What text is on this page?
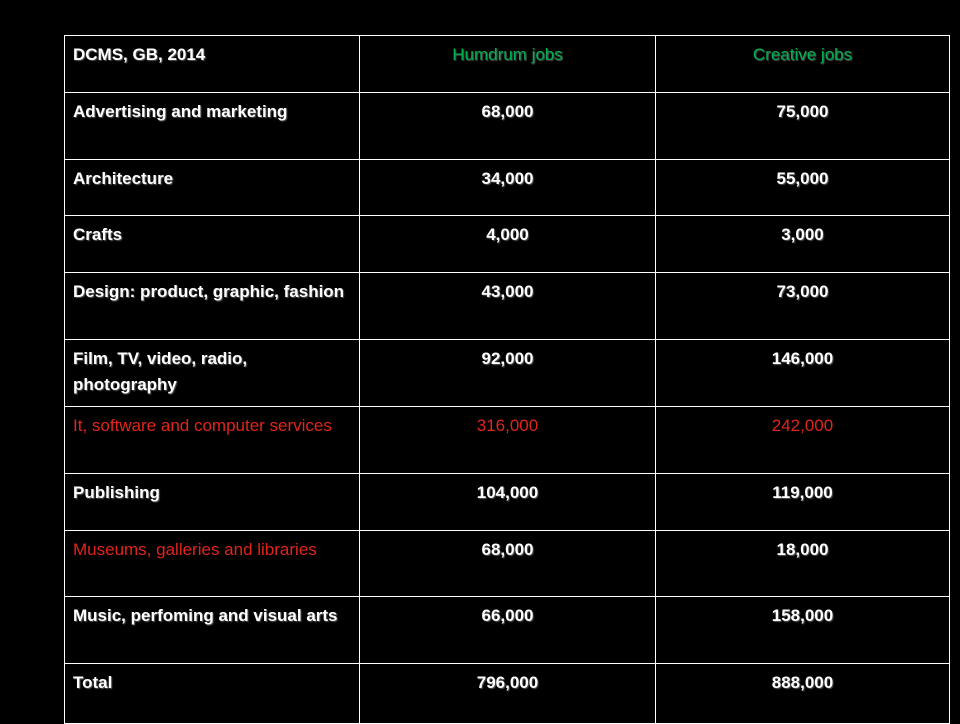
DCMS, GB, 2014	Humdrum jobs	Creative jobs
Advertising and marketing	68,000	75,000
Architecture	34,000	55,000
Crafts	4,000	3,000
Design: product, graphic, fashion	43,000	73,000
Film, TV, video, radio, photography	92,000	146,000
It, software and computer services	316,000	242,000
Publishing	104,000	119,000
Museums, galleries and libraries	68,000	18,000
Music, perfoming and visual arts	66,000	158,000
Total	796,000	888,000
